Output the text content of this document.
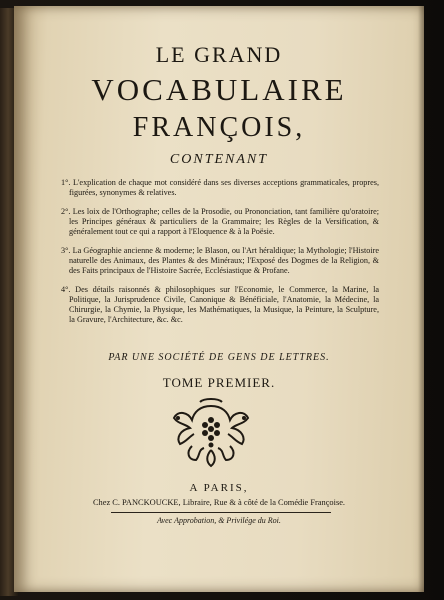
LE GRAND
VOCABULAIRE
FRANÇOIS,
CONTENANT
1°. L'explication de chaque mot considéré dans ses diverses acceptions grammaticales, propres, figurées, synonymes & relatives.
2°. Les loix de l'Orthographe; celles de la Prosodie, ou Prononciation, tant familière qu'oratoire; les Principes généraux & particuliers de la Grammaire; les Règles de la Versification, & généralement tout ce qui a rapport à l'Eloquence & à la Poësie.
3°. La Géographie ancienne & moderne; le Blason, ou l'Art héraldique; la Mythologie; l'Histoire naturelle des Animaux, des Plantes & des Minéraux; l'Exposé des Dogmes de la Religion, & des Faits principaux de l'Histoire Sacrée, Ecclésiastique & Profane.
4°. Des détails raisonnés & philosophiques sur l'Economie, le Commerce, la Marine, la Politique, la Jurisprudence Civile, Canonique & Bénéficiale, l'Anatomie, la Médecine, la Chirurgie, la Chymie, la Physique, les Mathématiques, la Musique, la Peinture, la Sculpture, la Gravure, l'Architecture, &c. &c.
PAR UNE SOCIÉTÉ DE GENS DE LETTRES.
TOME PREMIER.
A PARIS,
Chez C. PANCKOUCKE, Libraire, Rue & à côté de la Comédie Françoise.
Avec Approbation, & Privilége du Roi.
